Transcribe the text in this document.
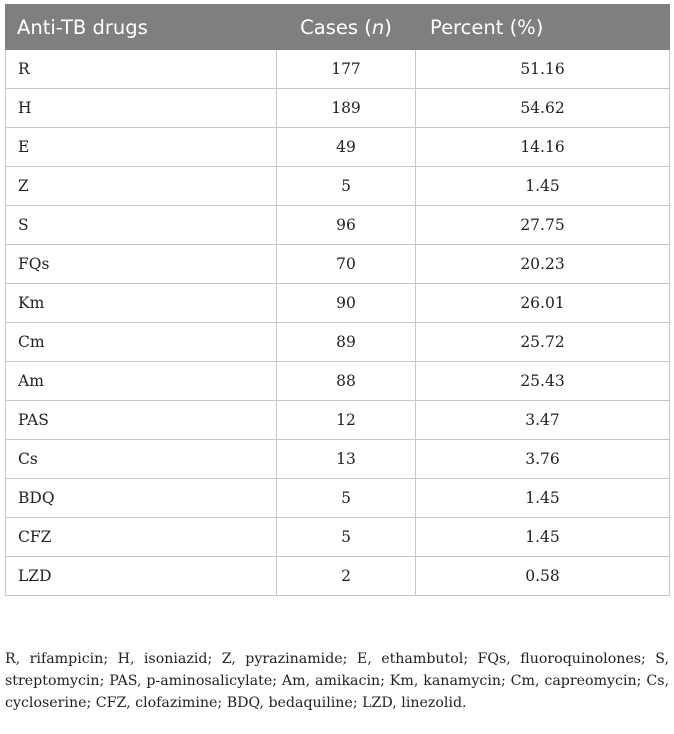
Anti-TB drugs	Cases (n)	Percent (%)
R	177	51.16
H	189	54.62
E	49	14.16
Z	5	1.45
S	96	27.75
FQs	70	20.23
Km	90	26.01
Cm	89	25.72
Am	88	25.43
PAS	12	3.47
Cs	13	3.76
BDQ	5	1.45
CFZ	5	1.45
LZD	2	0.58

R, rifampicin; H, isoniazid; Z, pyrazinamide; E, ethambutol; FQs, fluoroquinolones; S, streptomycin; PAS, p-aminosalicylate; Am, amikacin; Km, kanamycin; Cm, capreomycin; Cs, cycloserine; CFZ, clofazimine; BDQ, bedaquiline; LZD, linezolid.
